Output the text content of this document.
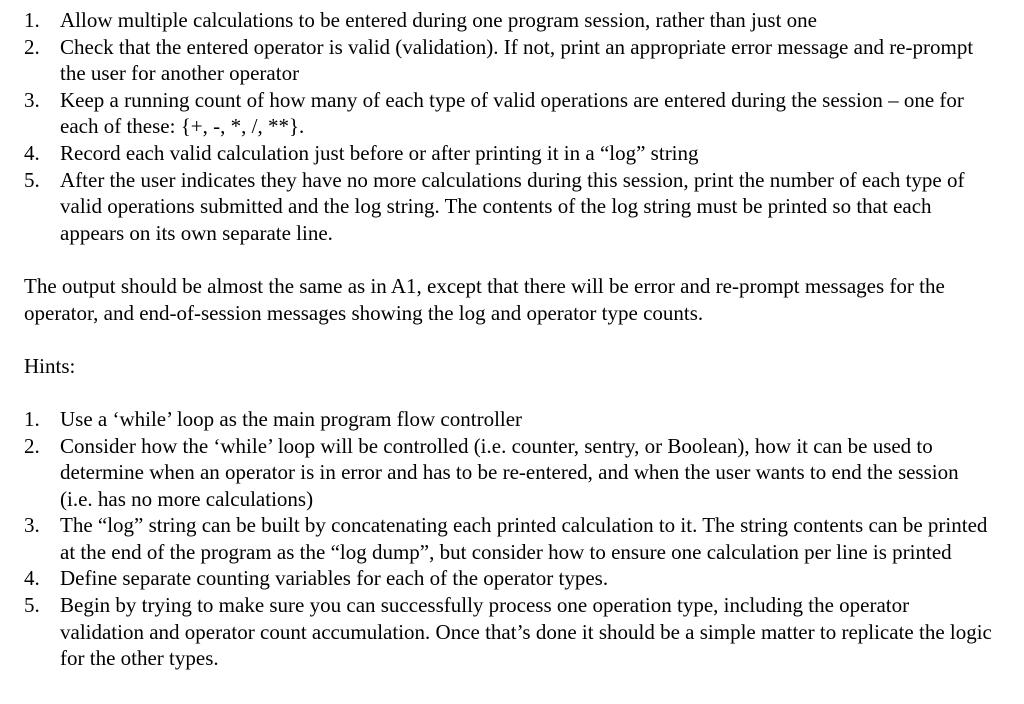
1. Allow multiple calculations to be entered during one program session, rather than just one
2. Check that the entered operator is valid (validation). If not, print an appropriate error message and re-prompt the user for another operator
3. Keep a running count of how many of each type of valid operations are entered during the session – one for each of these: {+, -, *, /, **}.
4. Record each valid calculation just before or after printing it in a “log” string
5. After the user indicates they have no more calculations during this session, print the number of each type of valid operations submitted and the log string. The contents of the log string must be printed so that each appears on its own separate line.

The output should be almost the same as in A1, except that there will be error and re-prompt messages for the operator, and end-of-session messages showing the log and operator type counts.

Hints:

1. Use a ‘while’ loop as the main program flow controller
2. Consider how the ‘while’ loop will be controlled (i.e. counter, sentry, or Boolean), how it can be used to determine when an operator is in error and has to be re-entered, and when the user wants to end the session (i.e. has no more calculations)
3. The “log” string can be built by concatenating each printed calculation to it. The string contents can be printed at the end of the program as the “log dump”, but consider how to ensure one calculation per line is printed
4. Define separate counting variables for each of the operator types.
5. Begin by trying to make sure you can successfully process one operation type, including the operator validation and operator count accumulation. Once that’s done it should be a simple matter to replicate the logic for the other types.
